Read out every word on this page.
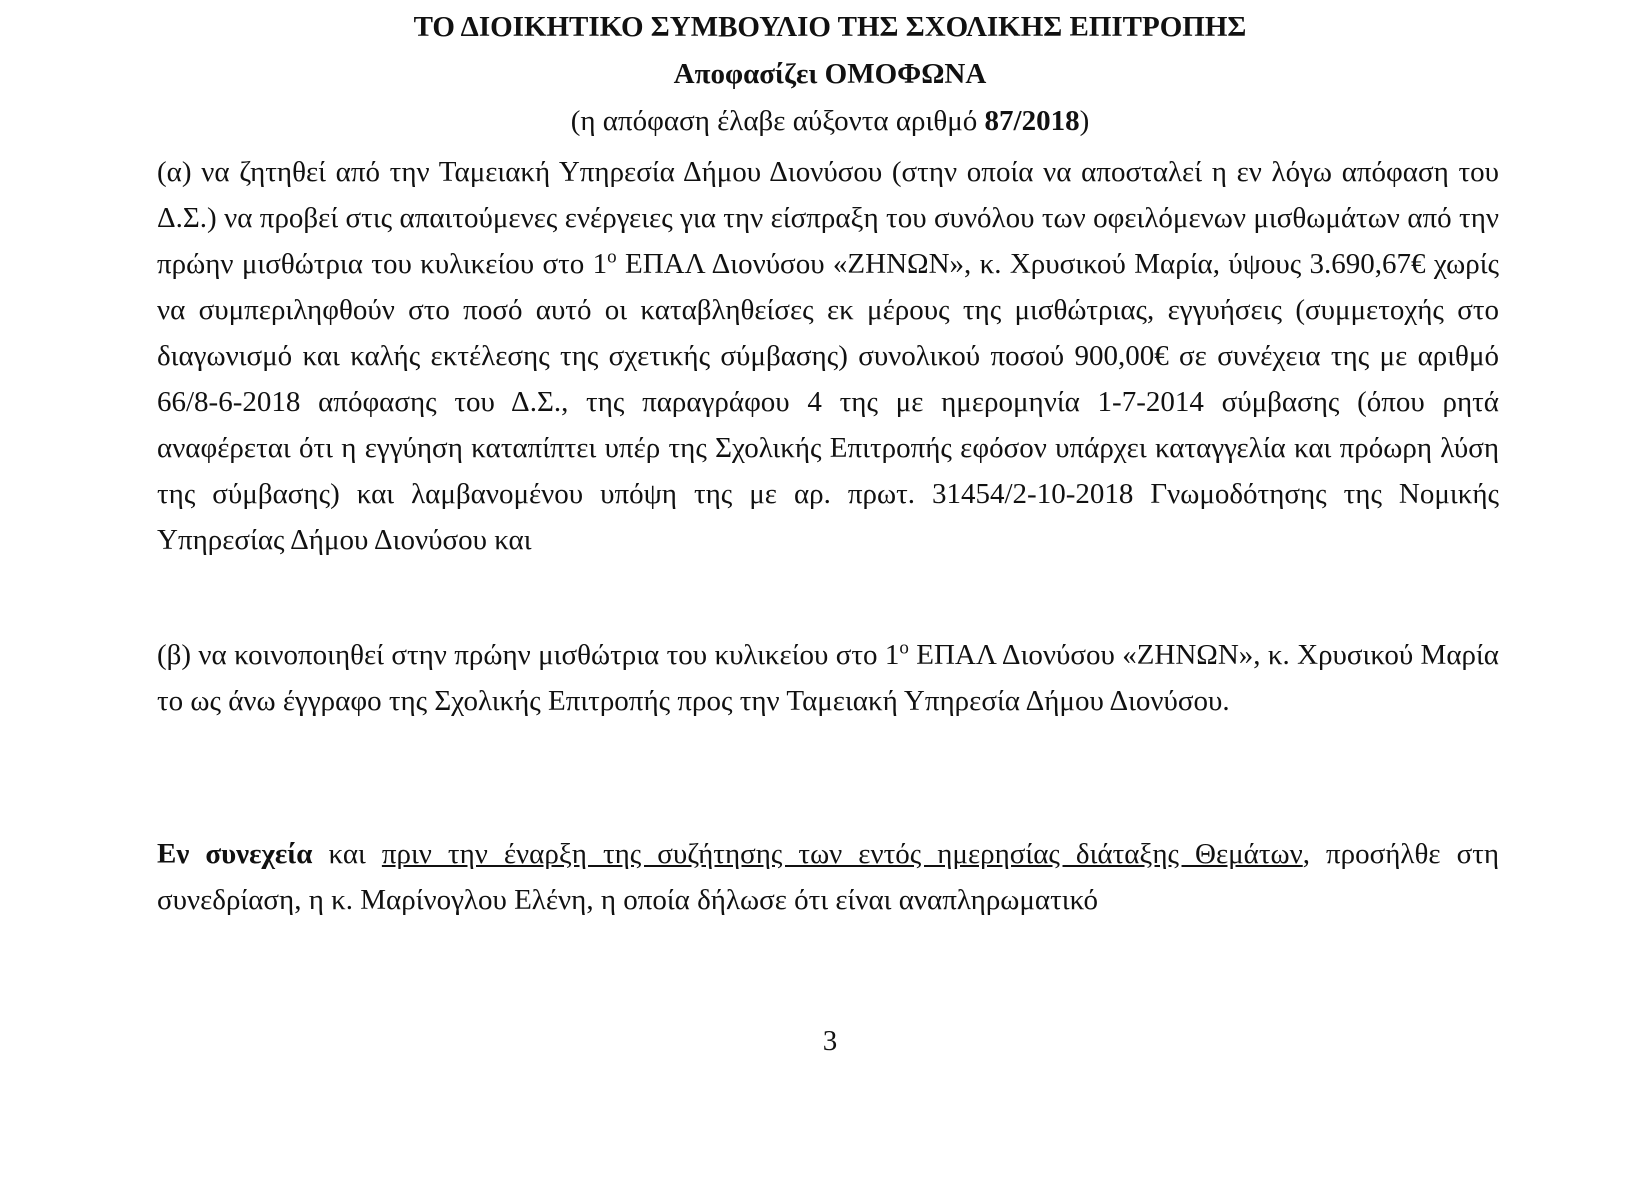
ΤΟ ΔΙΟΙΚΗΤΙΚΟ ΣΥΜΒΟΥΛΙΟ ΤΗΣ ΣΧΟΛΙΚΗΣ ΕΠΙΤΡΟΠΗΣ
Αποφασίζει ΟΜΟΦΩΝΑ
(η απόφαση έλαβε αύξοντα αριθμό 87/2018)

(α) να ζητηθεί από την Ταμειακή Υπηρεσία Δήμου Διονύσου (στην οποία να αποσταλεί η εν λόγω απόφαση του Δ.Σ.) να προβεί στις απαιτούμενες ενέργειες για την είσπραξη του συνόλου των οφειλόμενων μισθωμάτων από την πρώην μισθώτρια του κυλικείου στο $1^o$ ΕΠΑΛ Διονύσου «ΖΗΝΩΝ», κ. Χρυσικού Μαρία, ύψους 3.690,67€ χωρίς να συμπεριληφθούν στο ποσό αυτό οι καταβληθείσες εκ μέρους της μισθώτριας, εγγυήσεις (συμμετοχής στο διαγωνισμό και καλής εκτέλεσης της σχετικής σύμβασης) συνολικού ποσού 900,00€ σε συνέχεια της με αριθμό 66/8-6-2018 απόφασης του Δ.Σ., της παραγράφου 4 της με ημερομηνία 1-7-2014 σύμβασης (όπου ρητά αναφέρεται ότι η εγγύηση καταπίπτει υπέρ της Σχολικής Επιτροπής εφόσον υπάρχει καταγγελία και πρόωρη λύση της σύμβασης) και λαμβανομένου υπόψη της με αρ. πρωτ. 31454/2-10-2018 Γνωμοδότησης της Νομικής Υπηρεσίας Δήμου Διονύσου και

(β) να κοινοποιηθεί στην πρώην μισθώτρια του κυλικείου στο $1^o$ ΕΠΑΛ Διονύσου «ΖΗΝΩΝ», κ. Χρυσικού Μαρία το ως άνω έγγραφο της Σχολικής Επιτροπής προς την Ταμειακή Υπηρεσία Δήμου Διονύσου.

Εν συνεχεία και πριν την έναρξη της συζήτησης των εντός ημερησίας διάταξης Θεμάτων, προσήλθε στη συνεδρίαση, η κ. Μαρίνογλου Ελένη, η οποία δήλωσε ότι είναι αναπληρωματικό

3
